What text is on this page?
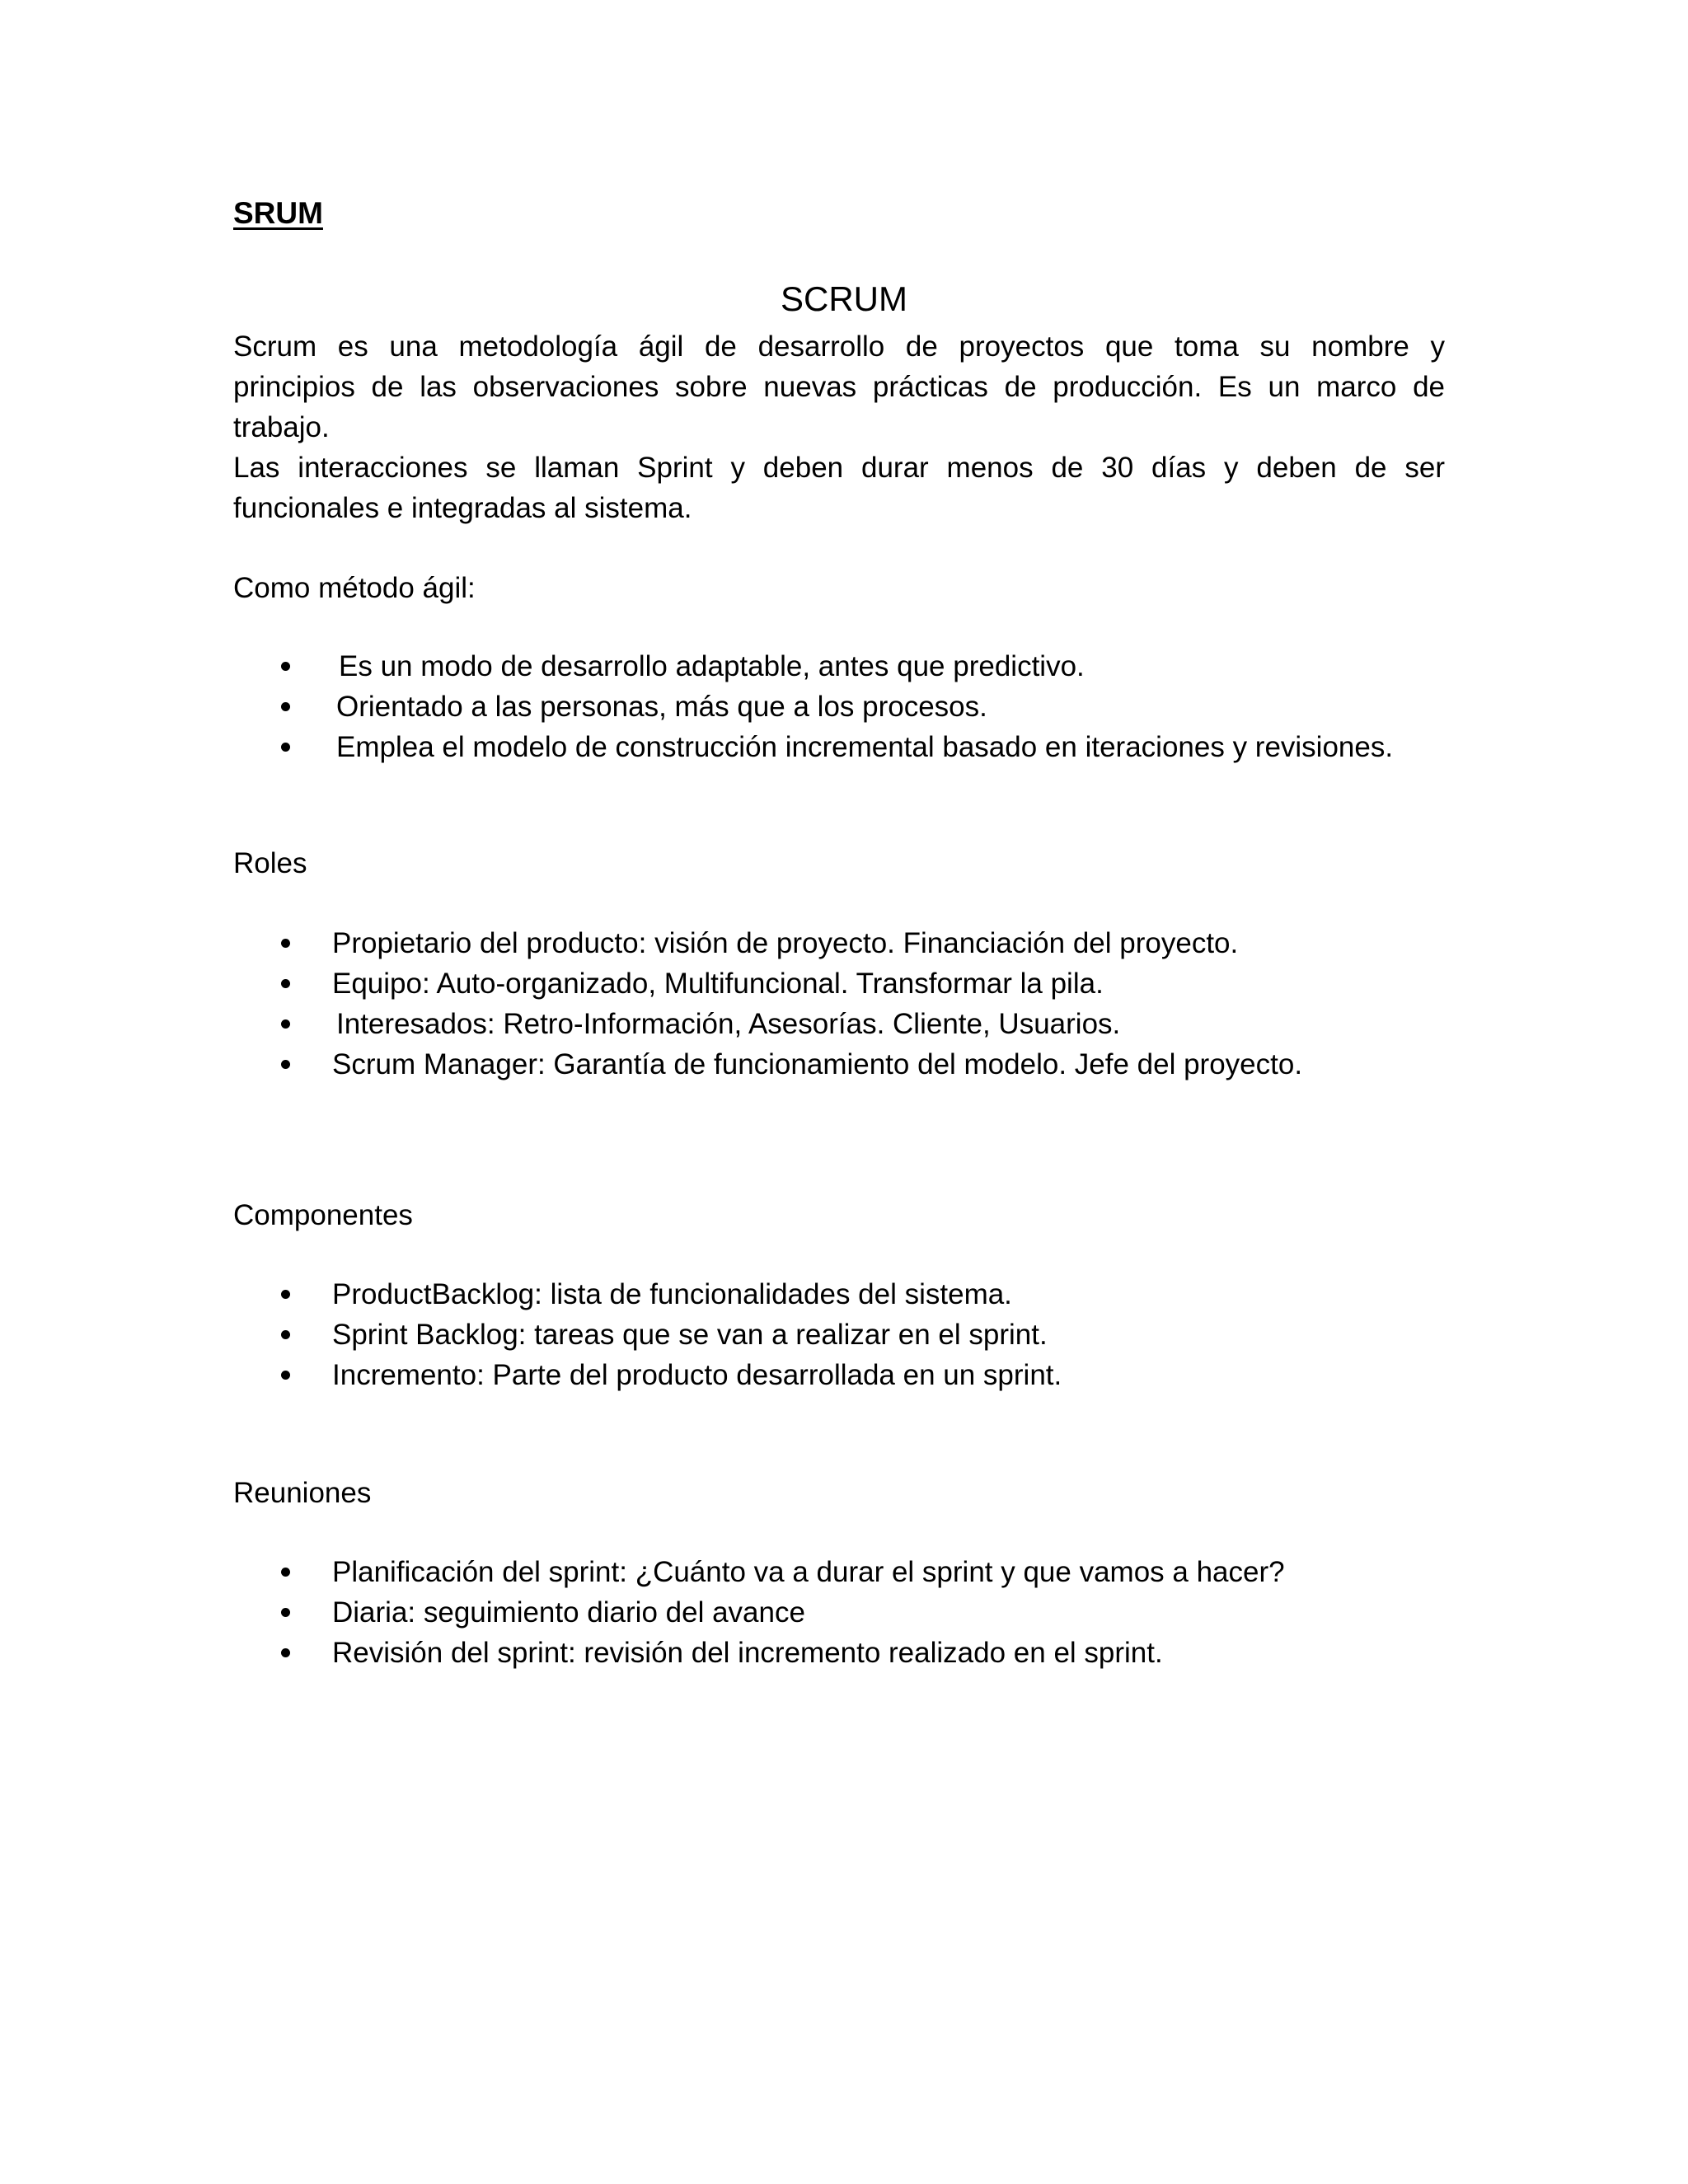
SRUM
SCRUM
Scrum es una metodología ágil de desarrollo de proyectos que toma su nombre y
principios de las observaciones sobre nuevas prácticas de producción. Es un marco de
trabajo.
Las interacciones se llaman Sprint y deben durar menos de 30 días y deben de ser
funcionales e integradas al sistema.
Como método ágil:
Es un modo de desarrollo adaptable, antes que predictivo.
Orientado a las personas, más que a los procesos.
Emplea el modelo de construcción incremental basado en iteraciones y revisiones.
Roles
Propietario del producto: visión de proyecto. Financiación del proyecto.
Equipo: Auto-organizado, Multifuncional. Transformar la pila.
Interesados: Retro-Información, Asesorías. Cliente, Usuarios.
Scrum Manager: Garantía de funcionamiento del modelo. Jefe del proyecto.
Componentes
ProductBacklog: lista de funcionalidades del sistema.
Sprint Backlog: tareas que se van a realizar en el sprint.
Incremento: Parte del producto desarrollada en un sprint.
Reuniones
Planificación del sprint: ¿Cuánto va a durar el sprint y que vamos a hacer?
Diaria: seguimiento diario del avance
Revisión del sprint: revisión del incremento realizado en el sprint.
